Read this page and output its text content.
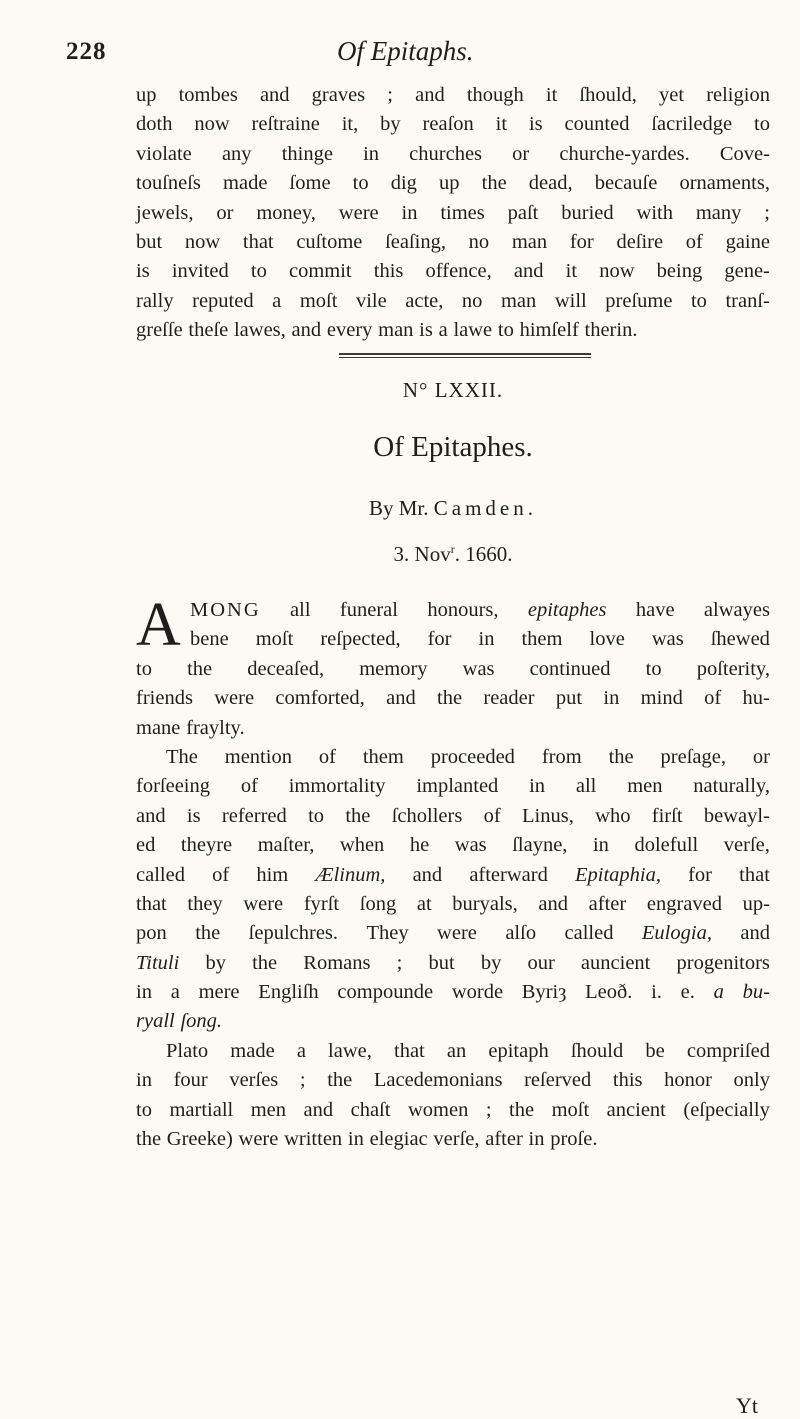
228	Of Epitaphs.
up tombes and graves ; and though it ſhould, yet religion
doth now reſtraine it, by reaſon it is counted ſacriledge to
violate any thinge in churches or churche-yardes. Cove-
touſneſs made ſome to dig up the dead, becauſe ornaments,
jewels, or money, were in times paſt buried with many ;
but now that cuſtome ſeaſing, no man for deſire of gaine
is invited to commit this offence, and it now being gene-
rally reputed a moſt vile acte, no man will preſume to tranſ-
greſſe theſe lawes, and every man is a lawe to himſelf therin.
N° LXXII.
Of Epitaphes.
By Mr. Camden.
3. Nov$^r$. 1660.
A MONG all funeral honours, epitaphes have alwayes
bene moſt reſpected, for in them love was ſhewed
to the deceaſed, memory was continued to poſterity,
friends were comforted, and the reader put in mind of hu-
mane fraylty.
The mention of them proceeded from the preſage, or
forſeeing of immortality implanted in all men naturally,
and is referred to the ſchollers of Linus, who firſt bewayl-
ed theyre maſter, when he was ſlayne, in dolefull verſe,
called of him Ælinum, and afterward Epitaphia, for that
that they were fyrſt ſong at buryals, and after engraved up-
pon the ſepulchres. They were alſo called Eulogia, and
Tituli by the Romans ; but by our auncient progenitors
in a mere Engliſh compounde worde Byriȝ Leoð. i. e. a bu-
ryall ſong.
Plato made a lawe, that an epitaph ſhould be compriſed
in four verſes ; the Lacedemonians reſerved this honor only
to martiall men and chaſt women ; the moſt ancient (eſpecially
the Greeke) were written in elegiac verſe, after in proſe.
Yt
